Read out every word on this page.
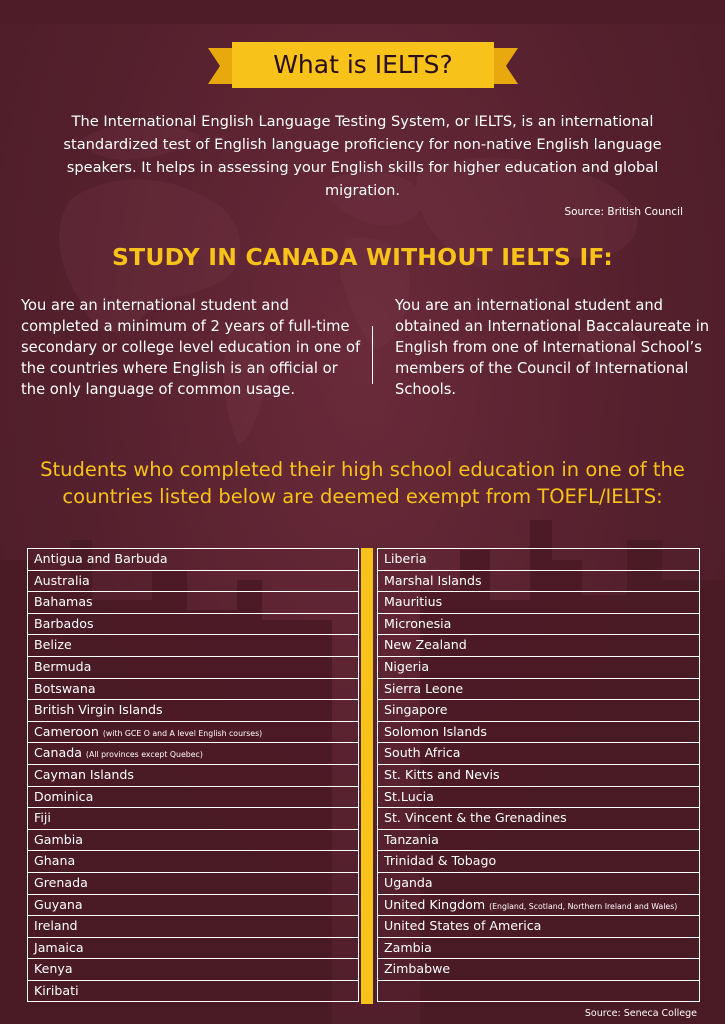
What is IELTS?
The International English Language Testing System, or IELTS, is an international standardized test of English language proficiency for non-native English language speakers. It helps in assessing your English skills for higher education and global migration.
Source: British Council
STUDY IN CANADA WITHOUT IELTS IF:
You are an international student and completed a minimum of 2 years of full-time secondary or college level education in one of the countries where English is an official or the only language of common usage.
You are an international student and obtained an International Baccalaureate in English from one of International School’s members of the Council of International Schools.
Students who completed their high school education in one of the countries listed below are deemed exempt from TOEFL/IELTS:
Antigua and Barbuda
Australia
Bahamas
Barbados
Belize
Bermuda
Botswana
British Virgin Islands
Cameroon (with GCE O and A level English courses)
Canada (All provinces except Quebec)
Cayman Islands
Dominica
Fiji
Gambia
Ghana
Grenada
Guyana
Ireland
Jamaica
Kenya
Kiribati
Liberia
Marshal Islands
Mauritius
Micronesia
New Zealand
Nigeria
Sierra Leone
Singapore
Solomon Islands
South Africa
St. Kitts and Nevis
St.Lucia
St. Vincent & the Grenadines
Tanzania
Trinidad & Tobago
Uganda
United Kingdom (England, Scotland, Northern Ireland and Wales)
United States of America
Zambia
Zimbabwe
Source: Seneca College
